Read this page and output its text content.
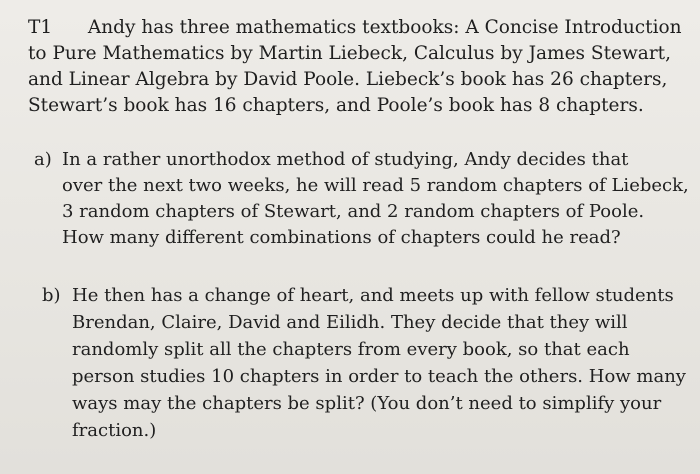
T1 Andy has three mathematics textbooks: A Concise Introduction
to Pure Mathematics by Martin Liebeck, Calculus by James Stewart,
and Linear Algebra by David Poole. Liebeck’s book has 26 chapters,
Stewart’s book has 16 chapters, and Poole’s book has 8 chapters.
a) In a rather unorthodox method of studying, Andy decides that
over the next two weeks, he will read 5 random chapters of Liebeck,
3 random chapters of Stewart, and 2 random chapters of Poole.
How many different combinations of chapters could he read?
b) He then has a change of heart, and meets up with fellow students
Brendan, Claire, David and Eilidh. They decide that they will
randomly split all the chapters from every book, so that each
person studies 10 chapters in order to teach the others. How many
ways may the chapters be split? (You don’t need to simplify your
fraction.)
